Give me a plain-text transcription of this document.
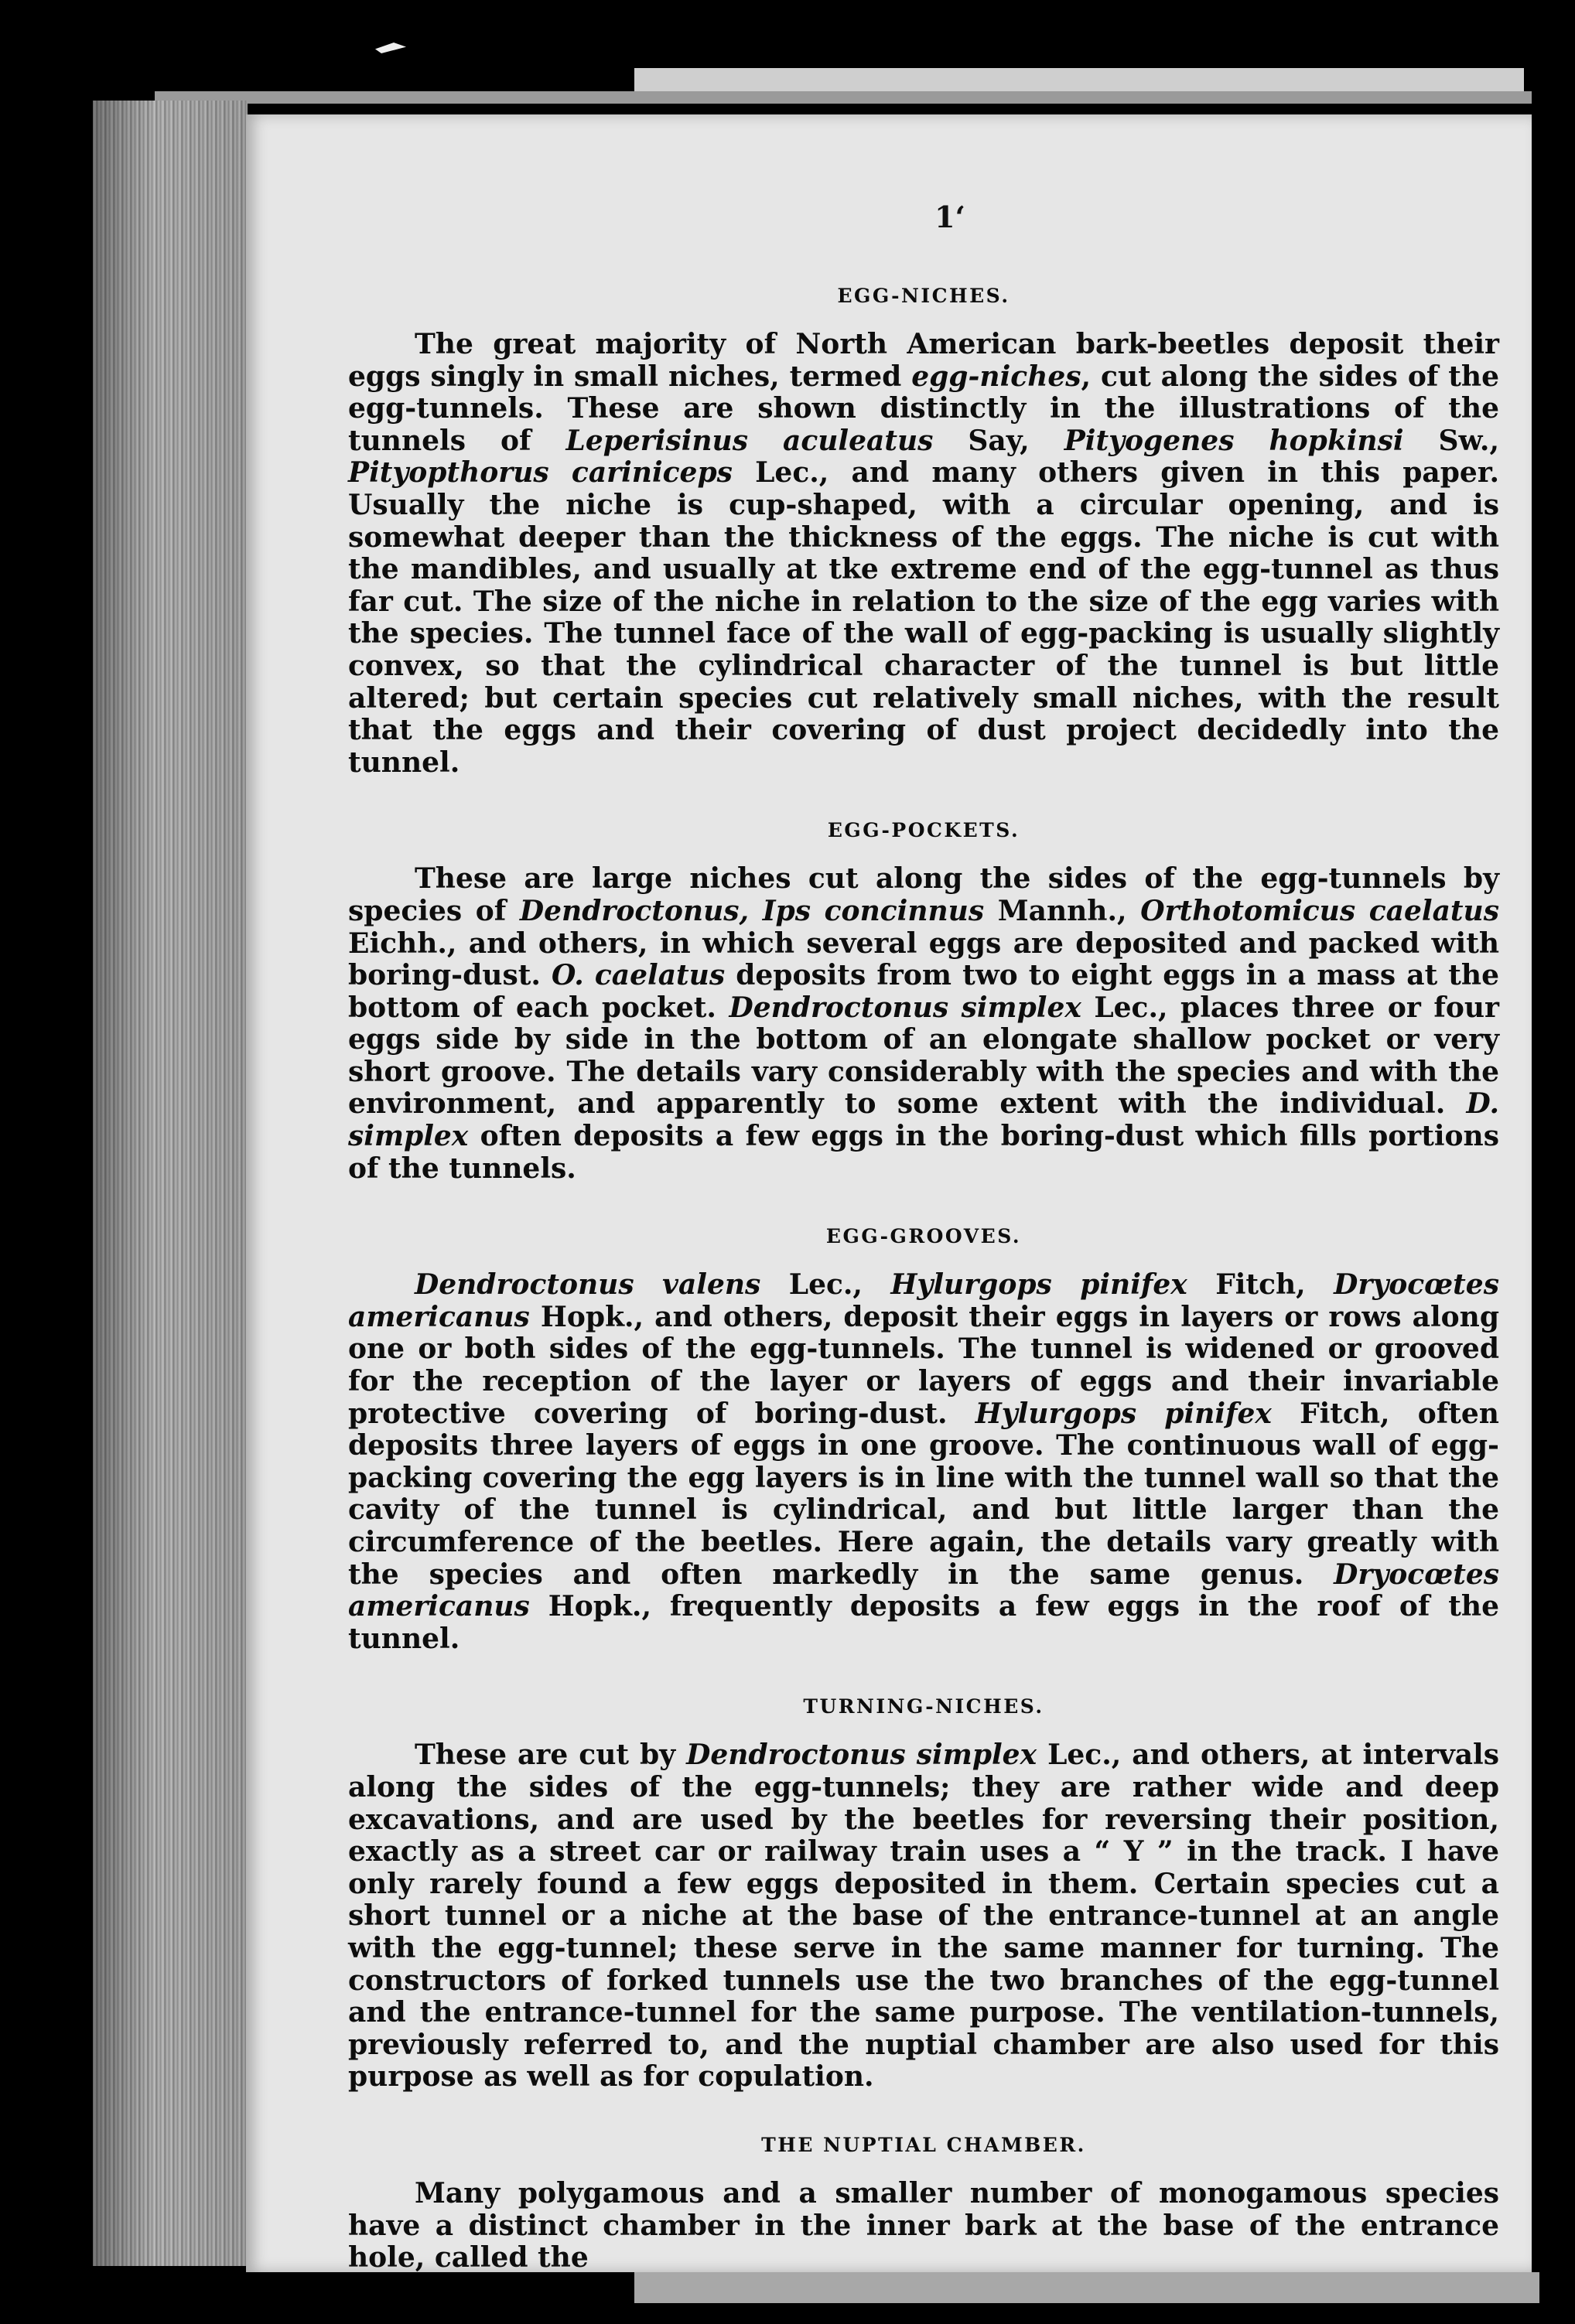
1‘
EGG-NICHES.

The great majority of North American bark-beetles deposit their eggs singly in small niches, termed egg-niches, cut along the sides of the egg-tunnels. These are shown distinctly in the illustrations of the tunnels of Leperisinus aculeatus Say, Pityogenes hopkinsi Sw., Pityopthorus cariniceps Lec., and many others given in this paper. Usually the niche is cup-shaped, with a circular opening, and is somewhat deeper than the thickness of the eggs. The niche is cut with the mandibles, and usually at tke extreme end of the egg-tunnel as thus far cut. The size of the niche in relation to the size of the egg varies with the species. The tunnel face of the wall of egg-packing is usually slightly convex, so that the cylindrical character of the tunnel is but little altered; but certain species cut relatively small niches, with the result that the eggs and their covering of dust project decidedly into the tunnel.

EGG-POCKETS.

These are large niches cut along the sides of the egg-tunnels by species of Dendroctonus, Ips concinnus Mannh., Orthotomicus caelatus Eichh., and others, in which several eggs are deposited and packed with boring-dust. O. caelatus deposits from two to eight eggs in a mass at the bottom of each pocket. Dendroctonus simplex Lec., places three or four eggs side by side in the bottom of an elongate shallow pocket or very short groove. The details vary considerably with the species and with the environment, and apparently to some extent with the individual. D. simplex often deposits a few eggs in the boring-dust which fills portions of the tunnels.

EGG-GROOVES.

Dendroctonus valens Lec., Hylurgops pinifex Fitch, Dryocœtes americanus Hopk., and others, deposit their eggs in layers or rows along one or both sides of the egg-tunnels. The tunnel is widened or grooved for the reception of the layer or layers of eggs and their invariable protective covering of boring-dust. Hylurgops pinifex Fitch, often deposits three layers of eggs in one groove. The continuous wall of egg-packing covering the egg layers is in line with the tunnel wall so that the cavity of the tunnel is cylindrical, and but little larger than the circumference of the beetles. Here again, the details vary greatly with the species and often markedly in the same genus. Dryocœtes americanus Hopk., frequently deposits a few eggs in the roof of the tunnel.

TURNING-NICHES.

These are cut by Dendroctonus simplex Lec., and others, at intervals along the sides of the egg-tunnels; they are rather wide and deep excavations, and are used by the beetles for reversing their position, exactly as a street car or railway train uses a “ Y ” in the track. I have only rarely found a few eggs deposited in them. Certain species cut a short tunnel or a niche at the base of the entrance-tunnel at an angle with the egg-tunnel; these serve in the same manner for turning. The constructors of forked tunnels use the two branches of the egg-tunnel and the entrance-tunnel for the same purpose. The ventilation-tunnels, previously referred to, and the nuptial chamber are also used for this purpose as well as for copulation.

THE NUPTIAL CHAMBER.

Many polygamous and a smaller number of monogamous species have a distinct chamber in the inner bark at the base of the entrance hole, called the
